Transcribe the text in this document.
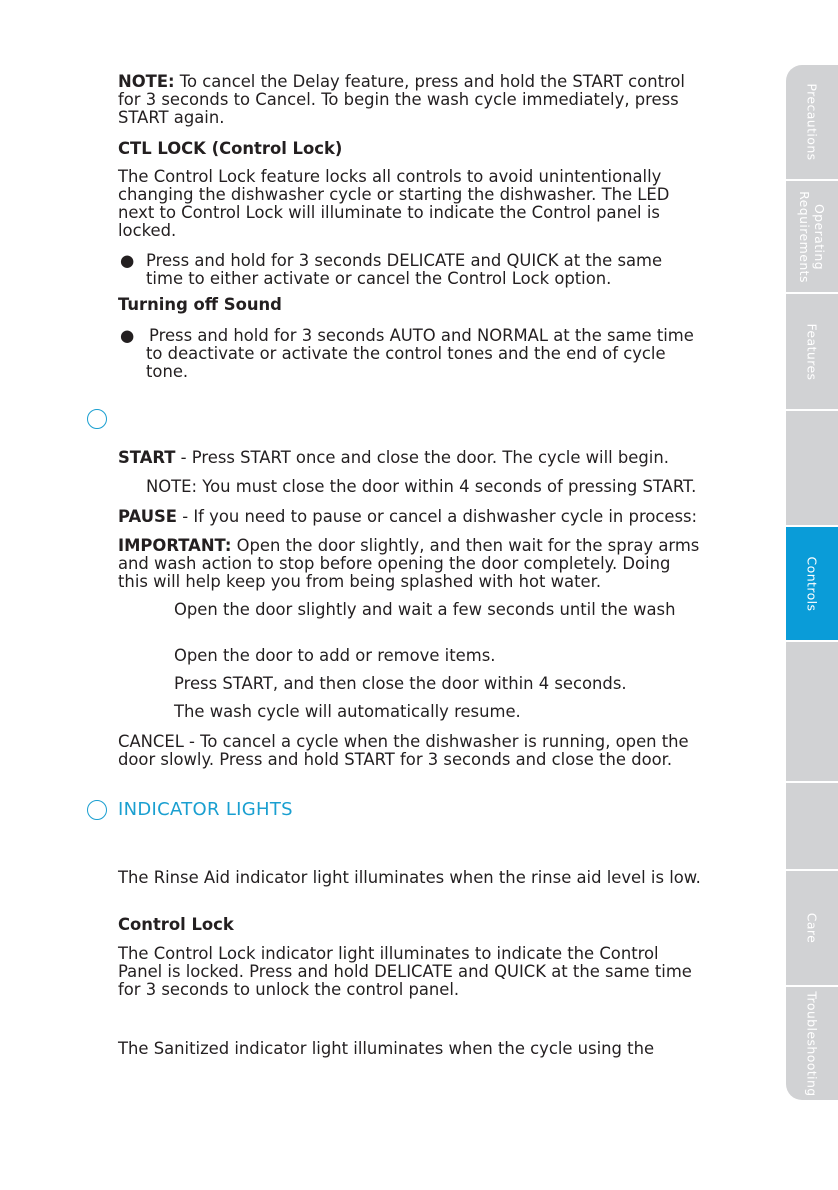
NOTE: To cancel the Delay feature, press and hold the START control

for 3 seconds to Cancel. To begin the wash cycle immediately, press

START again.

CTL LOCK (Control Lock)

The Control Lock feature locks all controls to avoid unintentionally

changing the dishwasher cycle or starting the dishwasher. The LED

next to Control Lock will illuminate to indicate the Control panel is

locked.

● Press and hold for 3 seconds DELICATE and QUICK at the same

time to either activate or cancel the Control Lock option.

Turning off Sound

● Press and hold for 3 seconds AUTO and NORMAL at the same time

to deactivate or activate the control tones and the end of cycle

tone.

START - Press START once and close the door. The cycle will begin.

NOTE: You must close the door within 4 seconds of pressing START.

PAUSE - If you need to pause or cancel a dishwasher cycle in process:

IMPORTANT: Open the door slightly, and then wait for the spray arms

and wash action to stop before opening the door completely. Doing

this will help keep you from being splashed with hot water.

Open the door slightly and wait a few seconds until the wash

Open the door to add or remove items.

Press START, and then close the door within 4 seconds.

The wash cycle will automatically resume.

CANCEL - To cancel a cycle when the dishwasher is running, open the

door slowly. Press and hold START for 3 seconds and close the door.

INDICATOR LIGHTS

The Rinse Aid indicator light illuminates when the rinse aid level is low.

Control Lock

The Control Lock indicator light illuminates to indicate the Control

Panel is locked. Press and hold DELICATE and QUICK at the same time

for 3 seconds to unlock the control panel.

The Sanitized indicator light illuminates when the cycle using the

Precautions
Operating
Requirements
Features
Controls
Care
Troubleshooting
